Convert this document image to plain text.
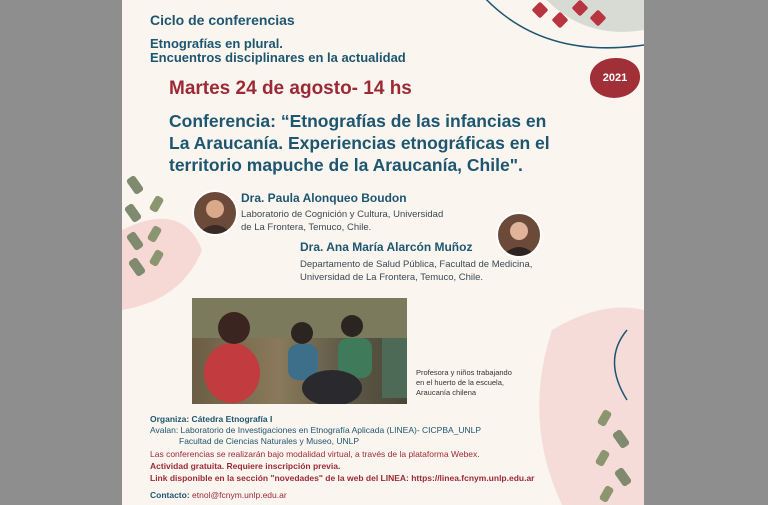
Ciclo de conferencias
Etnografías en plural.
Encuentros disciplinares en la actualidad
2021
Martes 24 de agosto- 14 hs
Conferencia: “Etnografías de las infancias en
La Araucanía. Experiencias etnográficas en el
territorio mapuche de la Araucanía, Chile".
Dra. Paula Alonqueo Boudon
Laboratorio de Cognición y Cultura, Universidad
de La Frontera, Temuco, Chile.
Dra. Ana María Alarcón Muñoz
Departamento de Salud Pública, Facultad de Medicina,
Universidad de La Frontera, Temuco, Chile.
Profesora y niños trabajando
en el huerto de la escuela,
Araucanía chilena
Organiza: Cátedra Etnografía I
Avalan: Laboratorio de Investigaciones en Etnografía Aplicada (LINEA)- CICPBA_UNLP
Facultad de Ciencias Naturales y Museo, UNLP
Las conferencias se realizarán bajo modalidad virtual, a través de la plataforma Webex.
Actividad gratuita. Requiere inscripción previa.
Link disponible en la sección "novedades" de la web del LINEA: https://linea.fcnym.unlp.edu.ar
Contacto: etnol@fcnym.unlp.edu.ar
